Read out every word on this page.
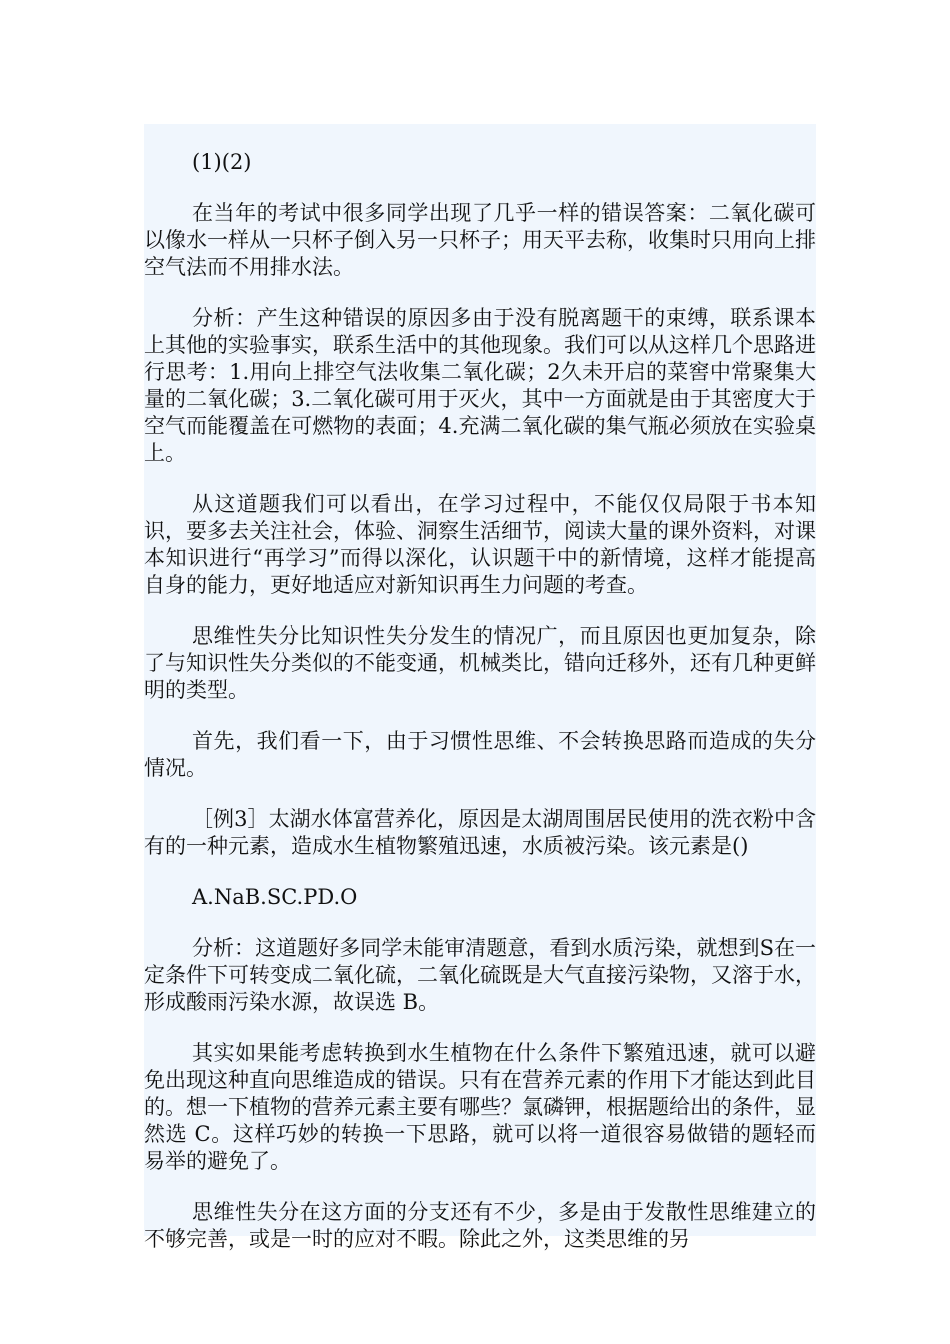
(1)(2)

在当年的考试中很多同学出现了几乎一样的错误答案：二氧化碳可以像水一样从一只杯子倒入另一只杯子；用天平去称，收集时只用向上排空气法而不用排水法。

分析：产生这种错误的原因多由于没有脱离题干的束缚，联系课本上其他的实验事实，联系生活中的其他现象。我们可以从这样几个思路进行思考：1.用向上排空气法收集二氧化碳；2久未开启的菜窖中常聚集大量的二氧化碳；3.二氧化碳可用于灭火，其中一方面就是由于其密度大于空气而能覆盖在可燃物的表面；4.充满二氧化碳的集气瓶必须放在实验桌上。

从这道题我们可以看出，在学习过程中，不能仅仅局限于书本知识，要多去关注社会，体验、洞察生活细节，阅读大量的课外资料，对课本知识进行“再学习”而得以深化，认识题干中的新情境，这样才能提高自身的能力，更好地适应对新知识再生力问题的考查。

思维性失分比知识性失分发生的情况广，而且原因也更加复杂，除了与知识性失分类似的不能变通，机械类比，错向迁移外，还有几种更鲜明的类型。

首先，我们看一下，由于习惯性思维、不会转换思路而造成的失分情况。

［例3］太湖水体富营养化，原因是太湖周围居民使用的洗衣粉中含有的一种元素，造成水生植物繁殖迅速，水质被污染。该元素是()

A.NaB.SC.PD.O

分析：这道题好多同学未能审清题意，看到水质污染，就想到S在一定条件下可转变成二氧化硫，二氧化硫既是大气直接污染物，又溶于水，形成酸雨污染水源，故误选 B。

其实如果能考虑转换到水生植物在什么条件下繁殖迅速，就可以避免出现这种直向思维造成的错误。只有在营养元素的作用下才能达到此目的。想一下植物的营养元素主要有哪些？氯磷钾，根据题给出的条件，显然选 C。这样巧妙的转换一下思路，就可以将一道很容易做错的题轻而易举的避免了。

思维性失分在这方面的分支还有不少，多是由于发散性思维建立的不够完善，或是一时的应对不暇。除此之外，这类思维的另
